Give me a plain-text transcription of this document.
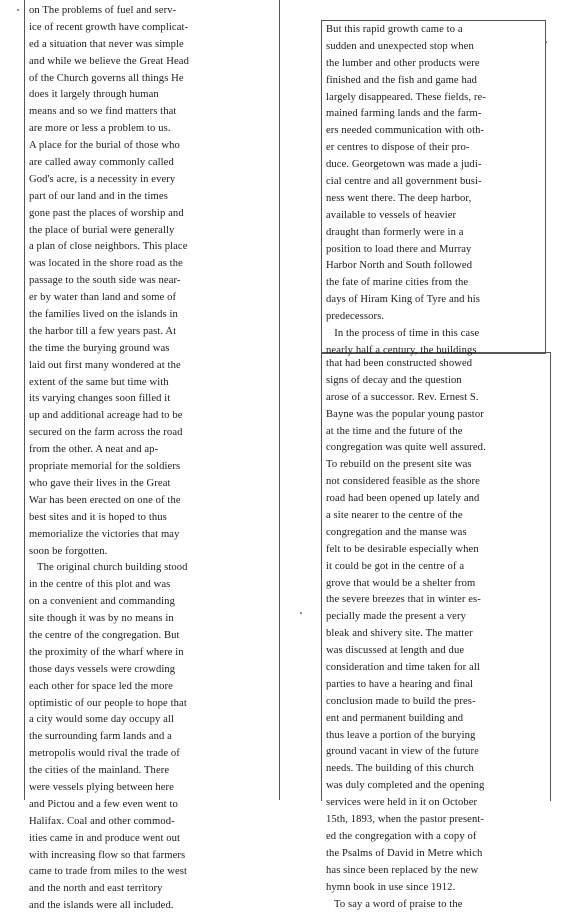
on The problems of fuel and serv-
ice of recent growth have complicat-
ed a situation that never was simple
and while we believe the Great Head
of the Church governs all things He
does it largely through human
means and so we find matters that
are more or less a problem to us.
A place for the burial of those who
are called away commonly called
God's acre, is a necessity in every
part of our land and in the times
gone past the places of worship and
the place of burial were generally
a plan of close neighbors. This place
was located in the shore road as the
passage to the south side was near-
er by water than land and some of
the families lived on the islands in
the harbor till a few years past. At
the time the burying ground was
laid out first many wondered at the
extent of the same but time with
its varying changes soon filled it
up and additional acreage had to be
secured on the farm across the road
from the other. A neat and ap-
propriate memorial for the soldiers
who gave their lives in the Great
War has been erected on one of the
best sites and it is hoped to thus
memorialize the victories that may
soon be forgotten.
The original church building stood
in the centre of this plot and was
on a convenient and commanding
site though it was by no means in
the centre of the congregation. But
the proximity of the wharf where in
those days vessels were crowding
each other for space led the more
optimistic of our people to hope that
a city would some day occupy all
the surrounding farm lands and a
metropolis would rival the trade of
the cities of the mainland. There
were vessels plying between here
and Pictou and a few even went to
Halifax. Coal and other commod-
ities came in and produce went out
with increasing flow so that farmers
came to trade from miles to the west
and the north and east territory
and the islands were all included.
But this rapid growth came to a
sudden and unexpected stop when
the lumber and other products were
finished and the fish and game had
largely disappeared. These fields, re-
mained farming lands and the farm-
ers needed communication with oth-
er centres to dispose of their pro-
duce. Georgetown was made a judi-
cial centre and all government busi-
ness went there. The deep harbor,
available to vessels of heavier
draught than formerly were in a
position to load there and Murray
Harbor North and South followed
the fate of marine cities from the
days of Hiram King of Tyre and his
predecessors.
In the process of time in this case
nearly half a century, the buildings
that had been constructed showed
signs of decay and the question
arose of a successor. Rev. Ernest S.
Bayne was the popular young pastor
at the time and the future of the
congregation was quite well assured.
To rebuild on the present site was
not considered feasible as the shore
road had been opened up lately and
a site nearer to the centre of the
congregation and the manse was
felt to be desirable especially when
it could be got in the centre of a
grove that would be a shelter from
the severe breezes that in winter es-
pecially made the present a very
bleak and shivery site. The matter
was discussed at length and due
consideration and time taken for all
parties to have a hearing and final
conclusion made to build the pres-
ent and permanent building and
thus leave a portion of the burying
ground vacant in view of the future
needs. The building of this church
was duly completed and the opening
services were held in it on October
15th, 1893, when the pastor present-
ed the congregation with a copy of
the Psalms of David in Metre which
has since been replaced by the new
hymn book in use since 1912.
To say a word of praise to the
